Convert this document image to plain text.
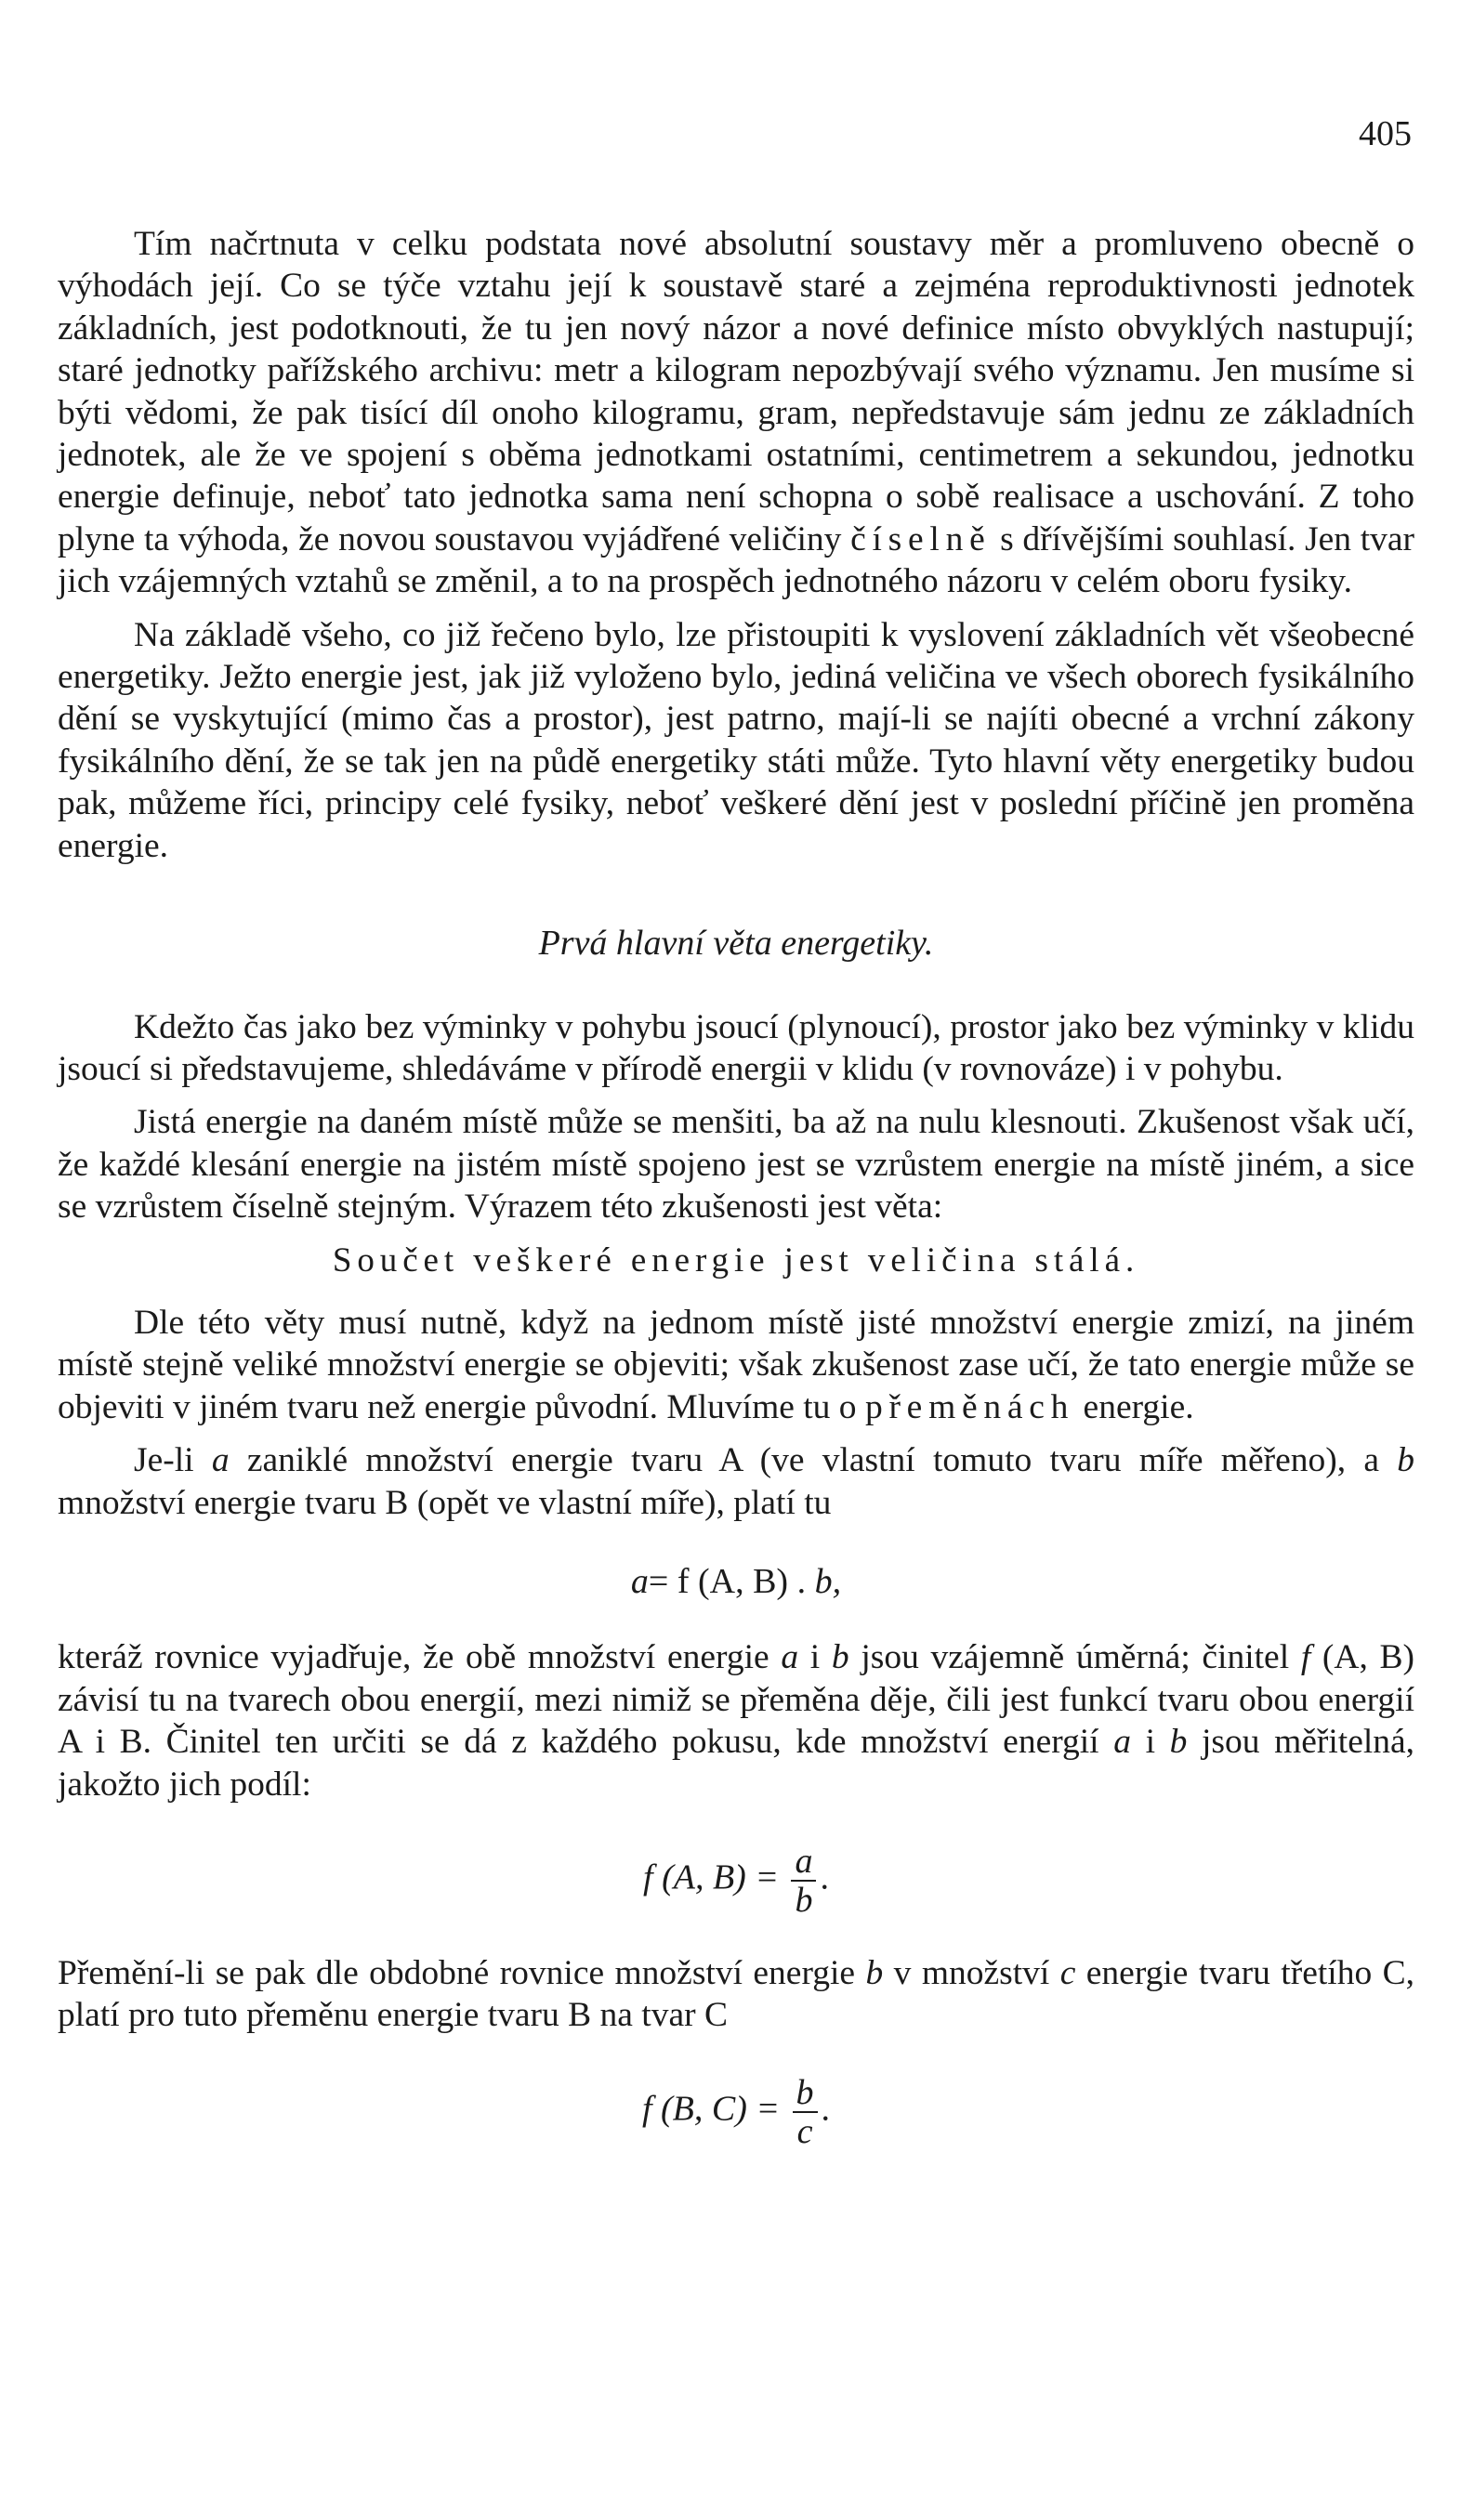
405

Tím načrtnuta v celku podstata nové absolutní soustavy měr a promluveno obecně o výhodách její. Co se týče vztahu její k soustavě staré a zejména reproduktivnosti jednotek základních, jest podotknouti, že tu jen nový názor a nové definice místo obvyklých nastupují; staré jednotky pařížského archivu: metr a kilogram nepozbývají svého významu. Jen musíme si býti vědomi, že pak tisící díl onoho kilogramu, gram, nepředstavuje sám jednu ze základních jednotek, ale že ve spojení s oběma jednotkami ostatními, centimetrem a sekundou, jednotku energie definuje, neboť tato jednotka sama není schopna o sobě realisace a uschování. Z toho plyne ta výhoda, že novou soustavou vyjádřené veličiny číselně s dřívějšími souhlasí. Jen tvar jich vzájemných vztahů se změnil, a to na prospěch jednotného názoru v celém oboru fysiky.

Na základě všeho, co již řečeno bylo, lze přistoupiti k vyslovení základních vět všeobecné energetiky. Ježto energie jest, jak již vyloženo bylo, jediná veličina ve všech oborech fysikálního dění se vyskytující (mimo čas a prostor), jest patrno, mají-li se najíti obecné a vrchní zákony fysikálního dění, že se tak jen na půdě energetiky státi může. Tyto hlavní věty energetiky budou pak, můžeme říci, principy celé fysiky, neboť veškeré dění jest v poslední příčině jen proměna energie.

Prvá hlavní věta energetiky.

Kdežto čas jako bez výminky v pohybu jsoucí (plynoucí), prostor jako bez výminky v klidu jsoucí si představujeme, shledáváme v přírodě energii v klidu (v rovnováze) i v pohybu.

Jistá energie na daném místě může se menšiti, ba až na nulu klesnouti. Zkušenost však učí, že každé klesání energie na jistém místě spojeno jest se vzrůstem energie na místě jiném, a sice se vzrůstem číselně stejným. Výrazem této zkušenosti jest věta:

Součet veškeré energie jest veličina stálá.

Dle této věty musí nutně, když na jednom místě jisté množství energie zmizí, na jiném místě stejně veliké množství energie se objeviti; však zkušenost zase učí, že tato energie může se objeviti v jiném tvaru než energie původní. Mluvíme tu o přeměnách energie.

Je-li a zaniklé množství energie tvaru A (ve vlastní tomuto tvaru míře měřeno), a b množství energie tvaru B (opět ve vlastní míře), platí tu

a= f (A, B) . b,

kteráž rovnice vyjadřuje, že obě množství energie a i b jsou vzájemně úměrná; činitel f (A, B) závisí tu na tvarech obou energií, mezi nimiž se přeměna děje, čili jest funkcí tvaru obou energií A i B. Činitel ten určiti se dá z každého pokusu, kde množství energií a i b jsou měřitelná, jakožto jich podíl:

f (A, $B) = \frac{a}{b}$ .

Přemění-li se pak dle obdobné rovnice množství energie b v množství c energie tvaru třetího C, platí pro tuto přeměnu energie tvaru B na tvar C

f (B, $C) = \frac{b}{c}$ .
